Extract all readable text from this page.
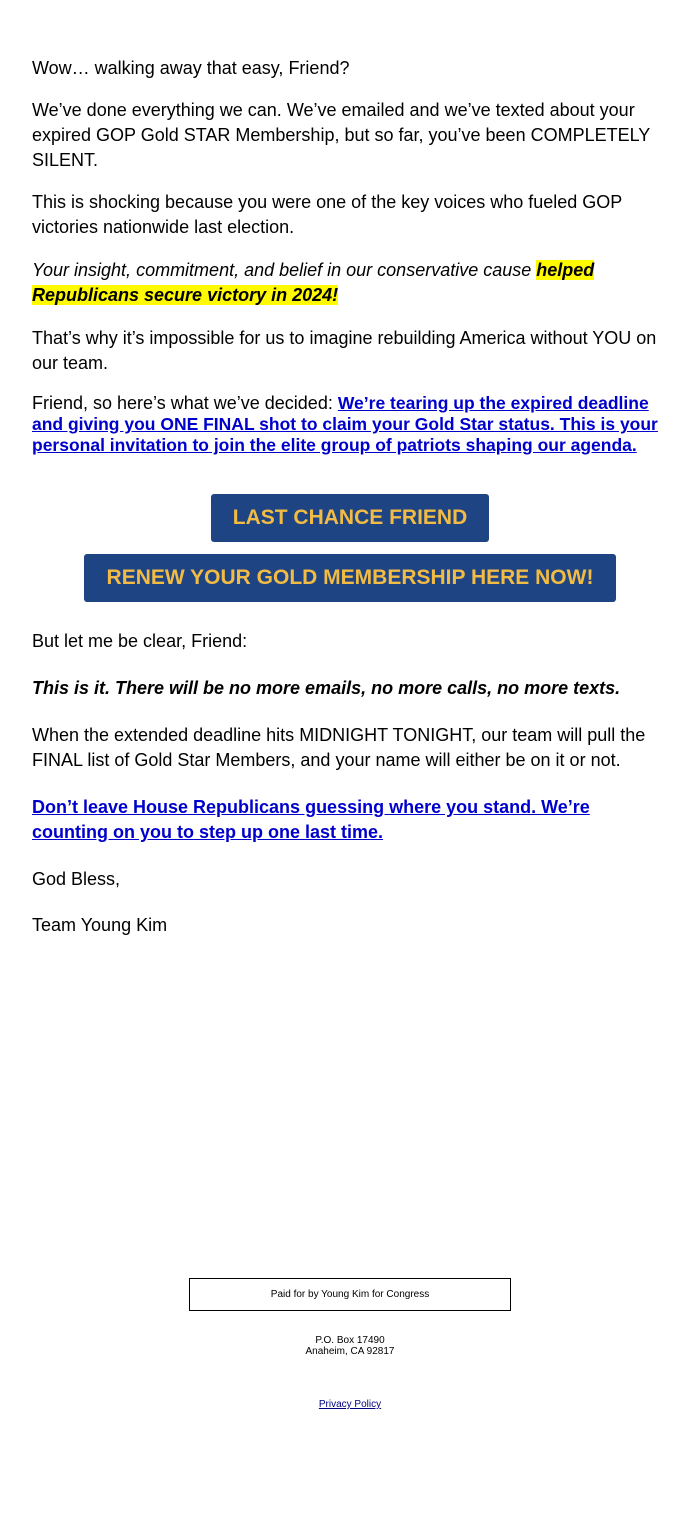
Wow… walking away that easy, Friend?

We’ve done everything we can. We’ve emailed and we’ve texted about your expired GOP Gold STAR Membership, but so far, you’ve been COMPLETELY SILENT.

This is shocking because you were one of the key voices who fueled GOP victories nationwide last election.

Your insight, commitment, and belief in our conservative cause helped Republicans secure victory in 2024!

That’s why it’s impossible for us to imagine rebuilding America without YOU on our team.

Friend, so here’s what we’ve decided: We’re tearing up the expired deadline and giving you ONE FINAL shot to claim your Gold Star status. This is your personal invitation to join the elite group of patriots shaping our agenda.

But let me be clear, Friend:

This is it. There will be no more emails, no more calls, no more texts.

When the extended deadline hits MIDNIGHT TONIGHT, our team will pull the FINAL list of Gold Star Members, and your name will either be on it or not.

Don’t leave House Republicans guessing where you stand. We’re counting on you to step up one last time.

God Bless,

Team Young Kim

LAST CHANCE FRIEND
RENEW YOUR GOLD MEMBERSHIP HERE NOW!
Paid for by Young Kim for Congress
P.O. Box 17490
Anaheim, CA 92817
Privacy Policy
